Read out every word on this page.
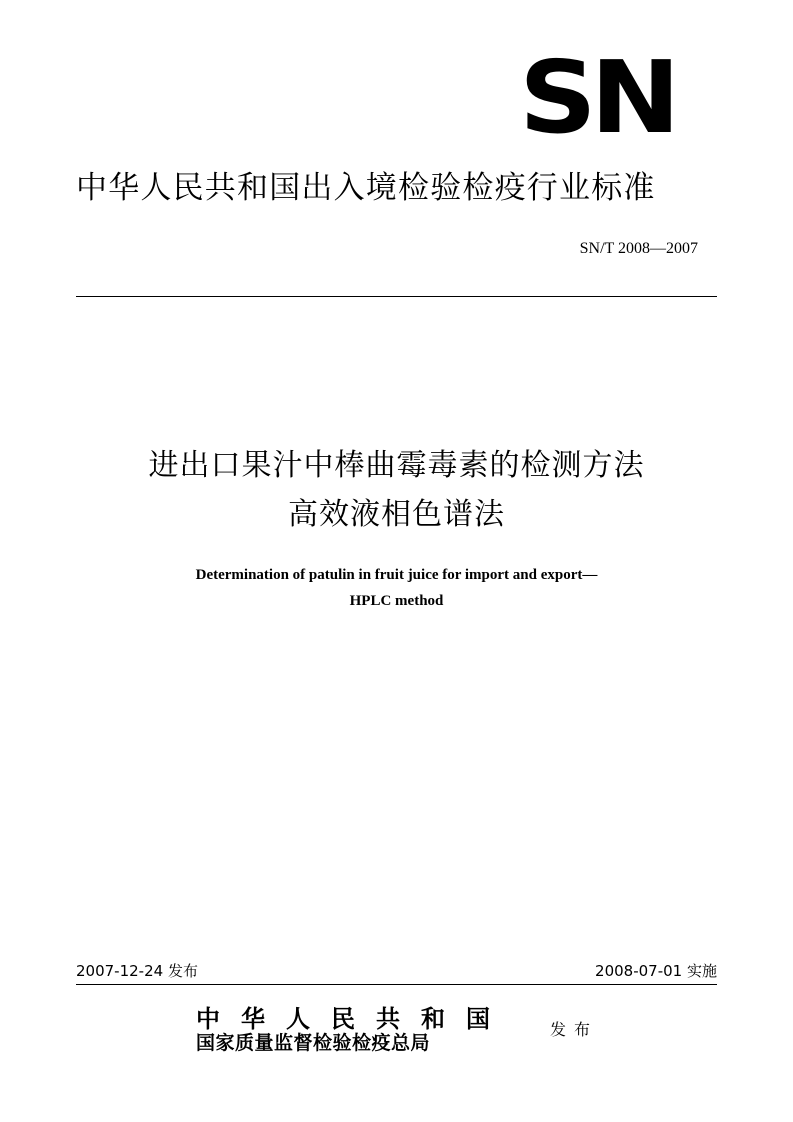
SN
中华人民共和国出入境检验检疫行业标准
SN/T 2008—2007
进出口果汁中棒曲霉毒素的检测方法
高效液相色谱法
Determination of patulin in fruit juice for import and export—
HPLC method
2007-12-24 发布	2008-07-01 实施
中华人民共和国
国家质量监督检验检疫总局
发布
